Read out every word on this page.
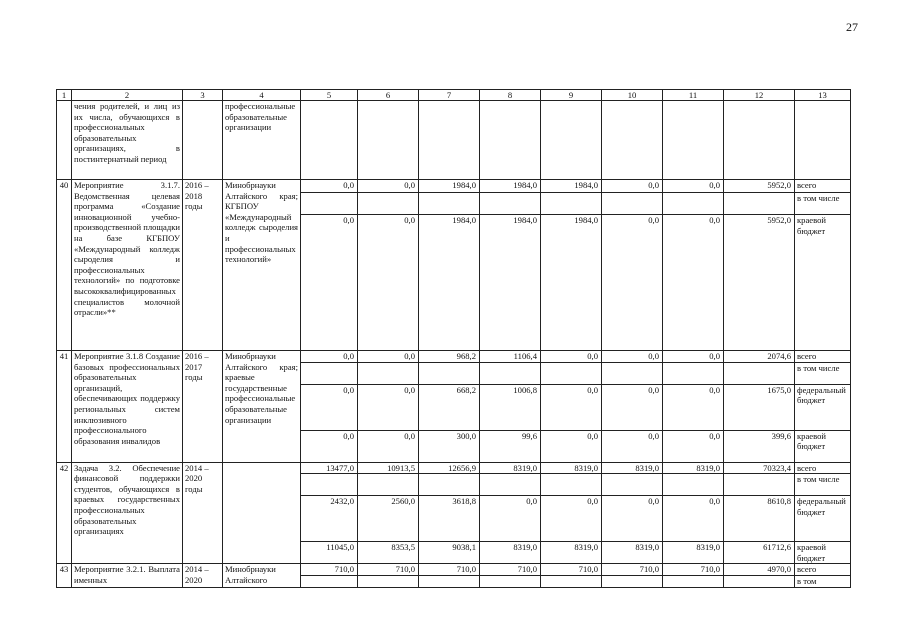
27
1	2	3	4	5	6	7	8	9	10	11	12	13
	чения родителей, и лиц из их числа, обучающихся в профессиональных образовательных организациях, в постинтернатный период		профессиональные образовательные организации									
40	Мероприятие 3.1.7. Ведомственная целевая программа «Создание инновационной учебно-производственной площадки на базе КГБПОУ «Международный колледж сыроделия и профессиональных технологий» по подготовке высококвалифицированных специалистов молочной отрасли»**	2016 – 2018 годы	Минобрнауки Алтайского края; КГБПОУ «Международный колледж сыроделия и профессиональных технологий»	0,0	0,0	1984,0	1984,0	1984,0	0,0	0,0	5952,0	всего
												в том числе
				0,0	0,0	1984,0	1984,0	1984,0	0,0	0,0	5952,0	краевой бюджет
41	Мероприятие 3.1.8 Создание базовых профессиональных образовательных организаций, обеспечивающих поддержку региональных систем инклюзивного профессионального образования инвалидов	2016 – 2017 годы	Минобрнауки Алтайского края; краевые государственные профессиональные образовательные организации	0,0	0,0	968,2	1106,4	0,0	0,0	0,0	2074,6	всего
												в том числе
				0,0	0,0	668,2	1006,8	0,0	0,0	0,0	1675,0	федеральный бюджет
				0,0	0,0	300,0	99,6	0,0	0,0	0,0	399,6	краевой бюджет
42	Задача 3.2. Обеспечение финансовой поддержки студентов, обучающихся в краевых государственных профессиональных образовательных организациях	2014 – 2020 годы		13477,0	10913,5	12656,9	8319,0	8319,0	8319,0	8319,0	70323,4	всего
												в том числе
				2432,0	2560,0	3618,8	0,0	0,0	0,0	0,0	8610,8	федеральный бюджет
				11045,0	8353,5	9038,1	8319,0	8319,0	8319,0	8319,0	61712,6	краевой бюджет
43	Мероприятие 3.2.1. Выплата именных	2014 – 2020	Минобрнауки Алтайского	710,0	710,0	710,0	710,0	710,0	710,0	710,0	4970,0	всего
												в том
